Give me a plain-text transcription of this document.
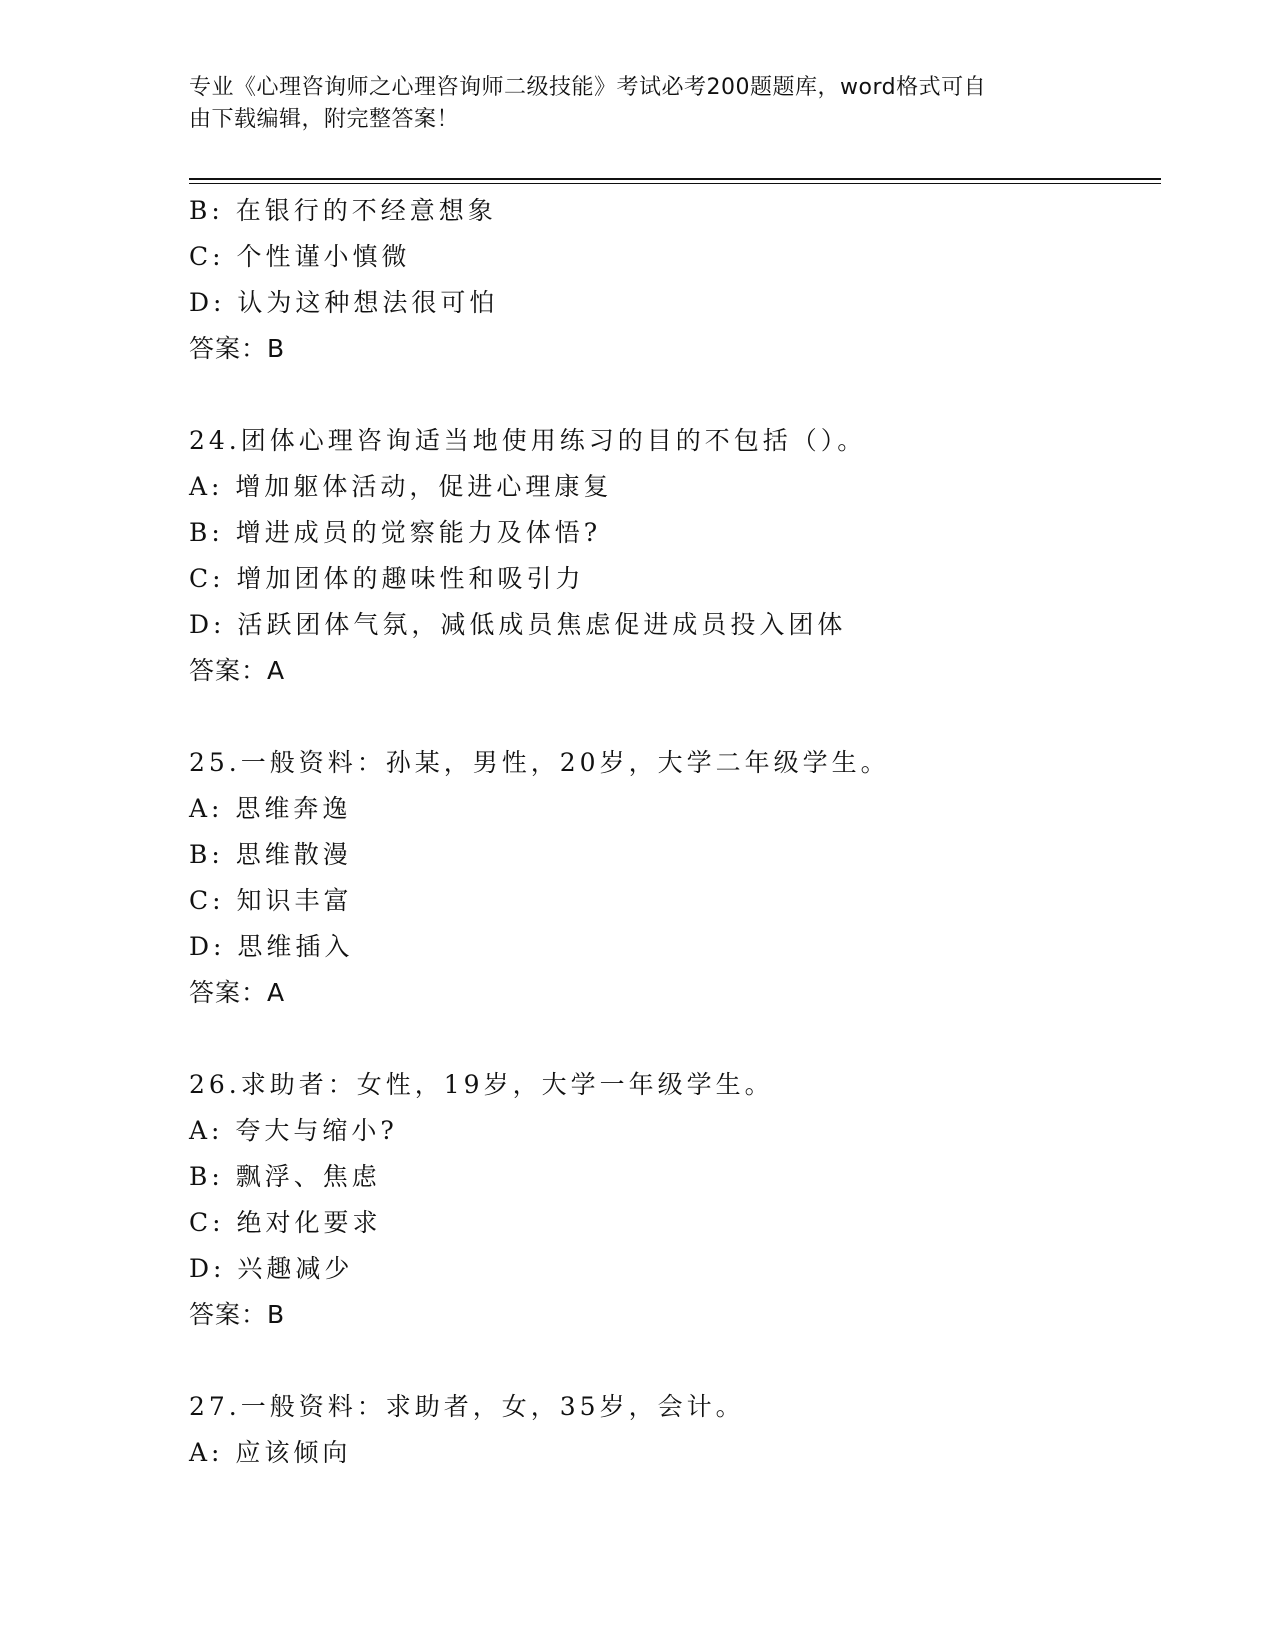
专业《心理咨询师之心理咨询师二级技能》考试必考200题题库，word格式可自
由下载编辑，附完整答案！
B: 在银行的不经意想象
C: 个性谨小慎微
D: 认为这种想法很可怕
答案：B
24.团体心理咨询适当地使用练习的目的不包括（）。
A: 增加躯体活动，促进心理康复
B: 增进成员的觉察能力及体悟?
C: 增加团体的趣味性和吸引力
D: 活跃团体气氛，减低成员焦虑促进成员投入团体
答案：A
25.一般资料：孙某，男性，20岁，大学二年级学生。
A: 思维奔逸
B: 思维散漫
C: 知识丰富
D: 思维插入
答案：A
26.求助者：女性，19岁，大学一年级学生。
A: 夸大与缩小?
B: 飘浮、焦虑
C: 绝对化要求
D: 兴趣减少
答案：B
27.一般资料：求助者，女，35岁，会计。
A: 应该倾向
